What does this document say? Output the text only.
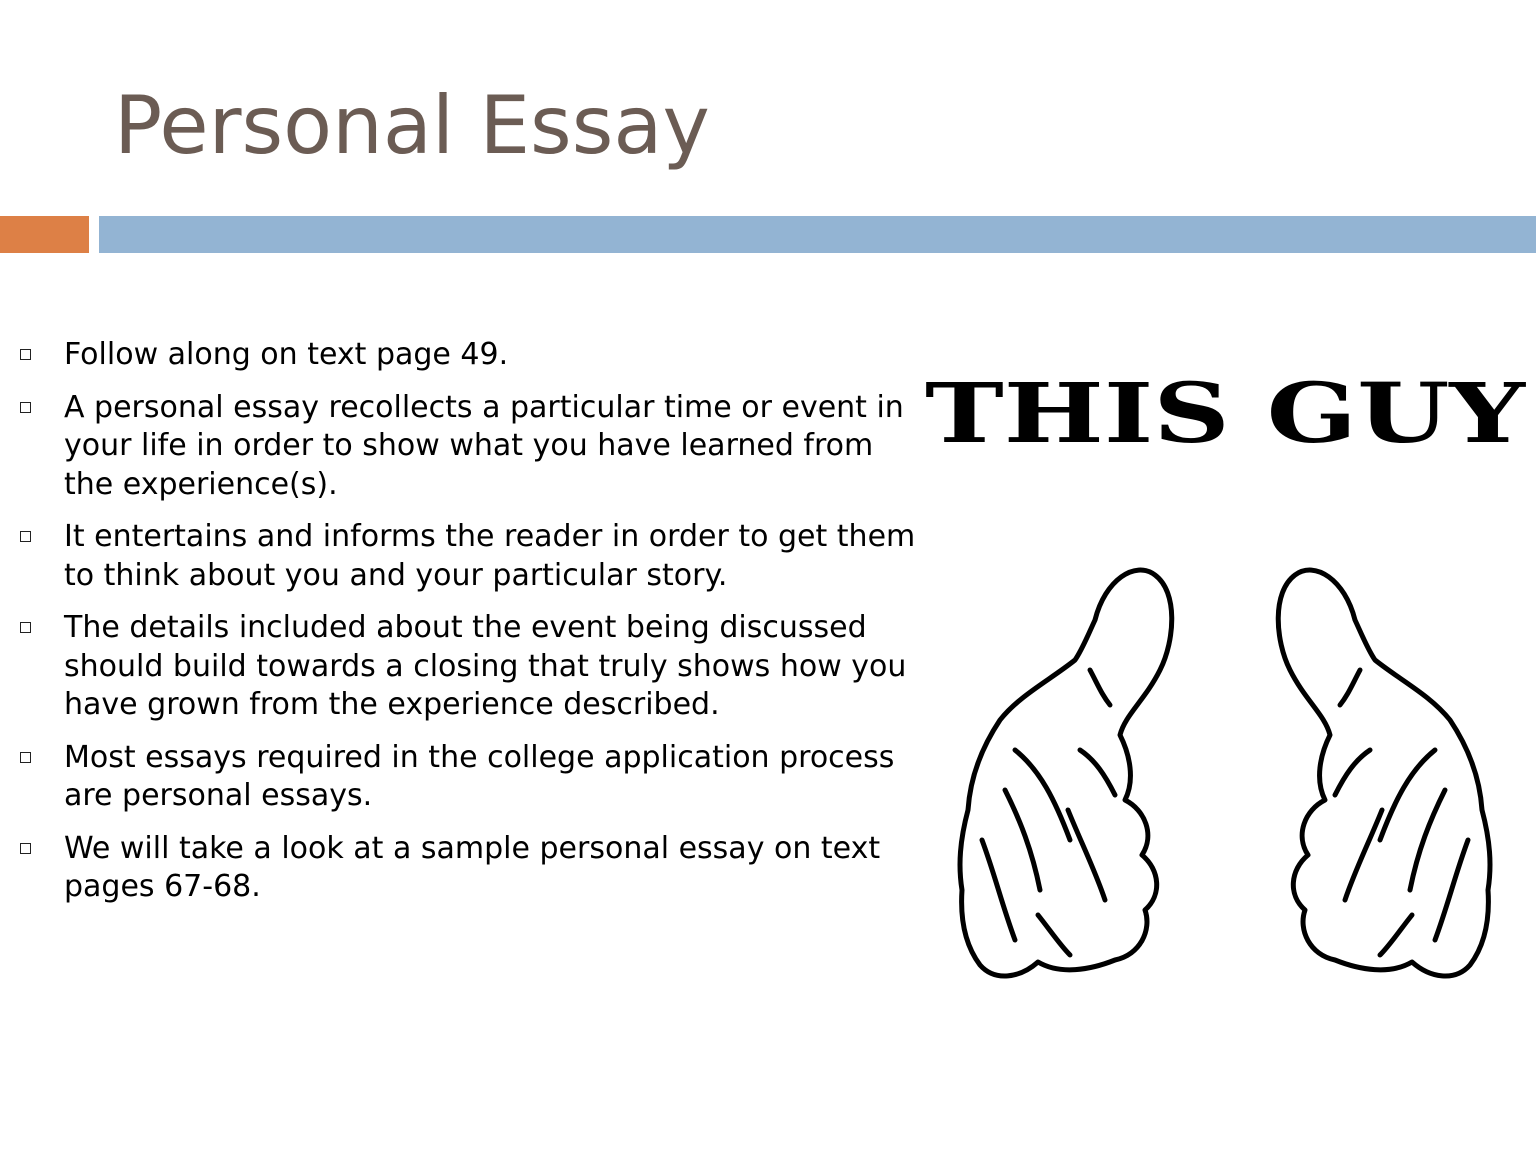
Personal Essay
Follow along on text page 49.
A personal essay recollects a particular time or event in your life in order to show what you have learned from the experience(s).
It entertains and informs the reader in order to get them to think about you and your particular story.
The details included about the event being discussed should build towards a closing that truly shows how you have grown from the experience described.
Most essays required in the college application process are personal essays.
We will take a look at a sample personal essay on text pages 67-68.
THIS GUY
